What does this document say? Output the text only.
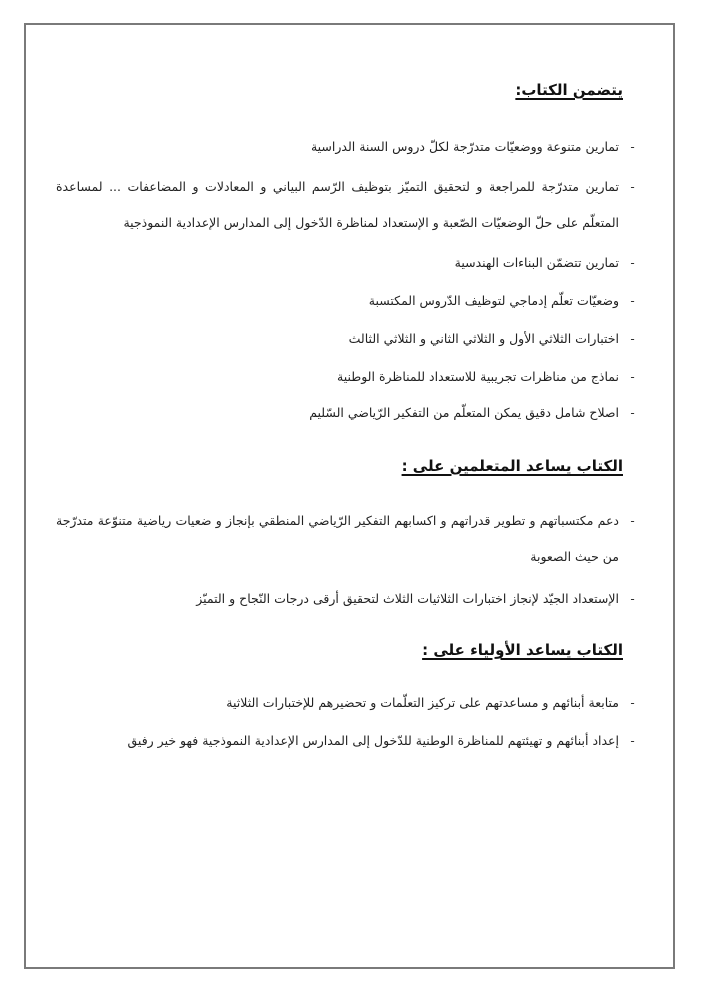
يتضمن الكتاب:
-
تمارين متنوعة ووضعيّات متدرّجة لكلّ دروس السنة الدراسية
-
تمارين متدرّجة للمراجعة و لتحقيق التميّز بتوظيف الرّسم البياني و المعادلات و المضاعفات ... لمساعدة المتعلّم على حلّ الوضعيّات الصّعبة و الإستعداد لمناظرة الدّخول إلى المدارس الإعدادية النموذجية
-
تمارين تتضمّن البناءات الهندسية
-
وضعيّات تعلّم إدماجي لتوظيف الدّروس المكتسبة
-
اختبارات الثلاثي الأول و الثلاثي الثاني و الثلاثي الثالث
-
نماذج من مناظرات تجريبية للاستعداد للمناظرة الوطنية
-
اصلاح شامل دقيق يمكن المتعلّم من التفكير الرّياضي السّليم
الكتاب يساعد المتعلمين على :
-
دعم مكتسباتهم و تطوير قدراتهم و اكسابهم التفكير الرّياضي المنطقي بإنجاز و ضعيات رياضية متنوّعة متدرّجة من حيث الصعوبة
-
الإستعداد الجيّد لإنجاز اختبارات الثلاثيات الثلاث لتحقيق أرقى درجات النّجاح و التميّز
الكتاب يساعد الأولياء على :
-
متابعة أبنائهم و مساعدتهم على تركيز التعلّمات و تحضيرهم للإختبارات الثلاثية
-
إعداد أبنائهم و تهيئتهم للمناظرة الوطنية للدّخول إلى المدارس الإعدادية النموذجية فهو خير رفيق
